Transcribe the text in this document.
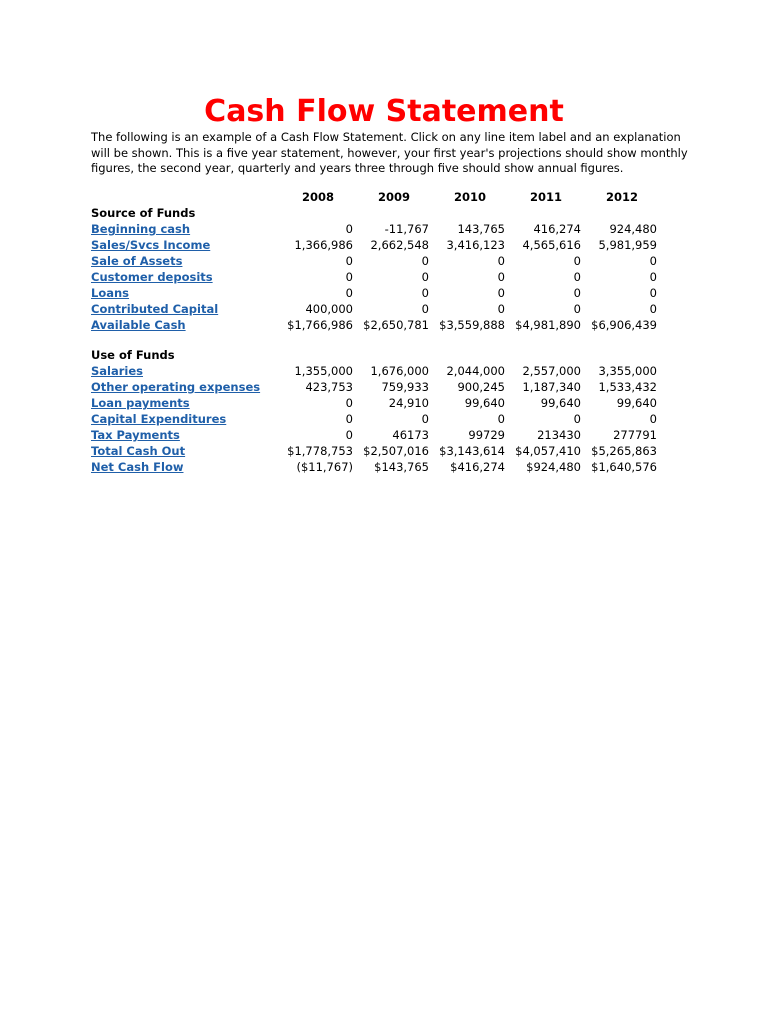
Cash Flow Statement

The following is an example of a Cash Flow Statement. Click on any line item label and an explanation will be shown. This is a five year statement, however, your first year's projections should show monthly figures, the second year, quarterly and years three through five should show annual figures.

	2008	2009	2010	2011	2012
Source of Funds					
Beginning cash	0	-11,767	143,765	416,274	924,480
Sales/Svcs Income	1,366,986	2,662,548	3,416,123	4,565,616	5,981,959
Sale of Assets	0	0	0	0	0
Customer deposits	0	0	0	0	0
Loans	0	0	0	0	0
Contributed Capital	400,000	0	0	0	0
Available Cash	$1,766,986	$2,650,781	$3,559,888	$4,981,890	$6,906,439

Use of Funds					
Salaries	1,355,000	1,676,000	2,044,000	2,557,000	3,355,000
Other operating expenses	423,753	759,933	900,245	1,187,340	1,533,432
Loan payments	0	24,910	99,640	99,640	99,640
Capital Expenditures	0	0	0	0	0
Tax Payments	0	46173	99729	213430	277791
Total Cash Out	$1,778,753	$2,507,016	$3,143,614	$4,057,410	$5,265,863
Net Cash Flow	($11,767)	$143,765	$416,274	$924,480	$1,640,576
